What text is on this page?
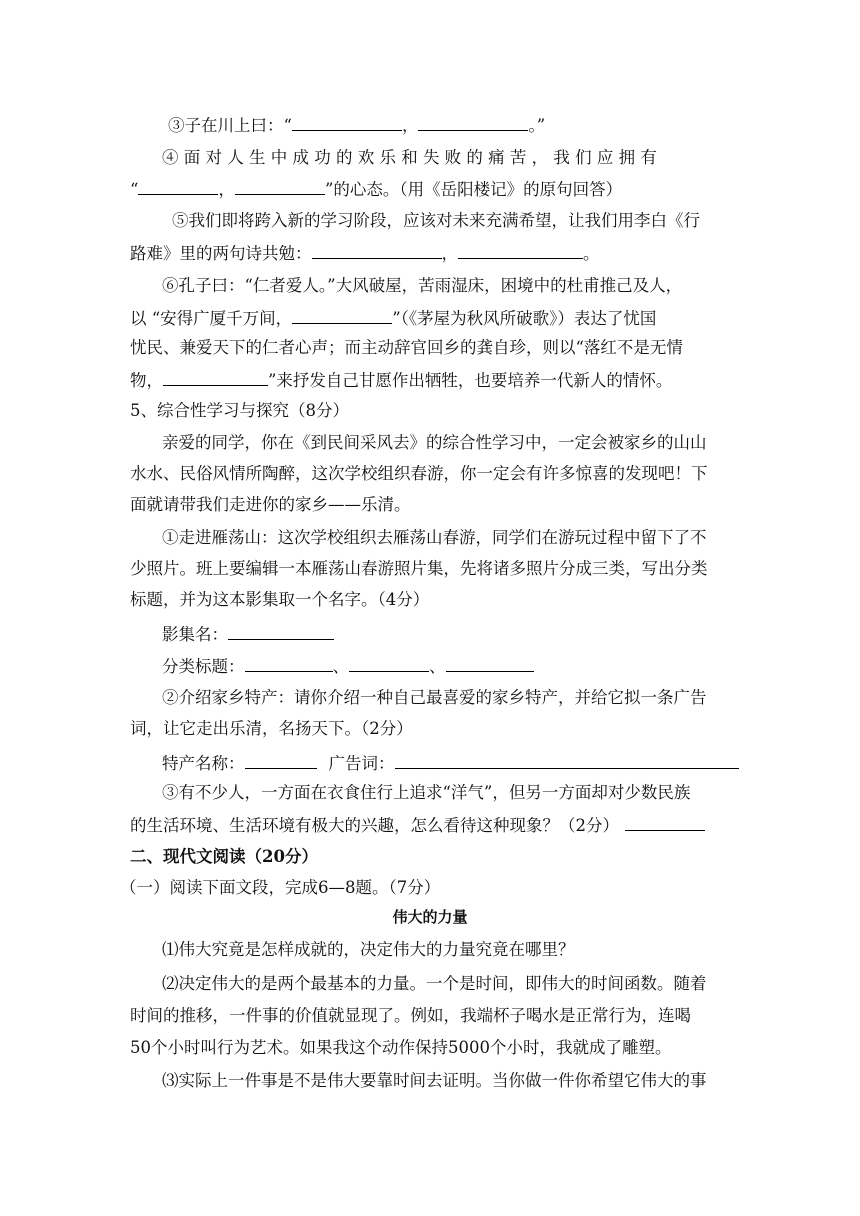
③子在川上曰：“	，	。”
④ 面 对 人 生 中 成 功 的 欢 乐 和 失 败 的 痛 苦 ， 我 们 应 拥 有
“	，	”的心态。（用《岳阳楼记》的原句回答）
⑤我们即将跨入新的学习阶段，应该对未来充满希望，让我们用李白《行
路难》里的两句诗共勉：	，	。
⑥孔子曰：“仁者爱人。”大风破屋，苦雨湿床，困境中的杜甫推己及人，
以 “安得广厦千万间，	”（《茅屋为秋风所破歌》）表达了忧国
忧民、兼爱天下的仁者心声；而主动辞官回乡的龚自珍，则以“落红不是无情
物，	”来抒发自己甘愿作出牺牲，也要培养一代新人的情怀。
5、综合性学习与探究（8分）
亲爱的同学，你在《到民间采风去》的综合性学习中，一定会被家乡的山山
水水、民俗风情所陶醉，这次学校组织春游，你一定会有许多惊喜的发现吧！下
面就请带我们走进你的家乡——乐清。
①走进雁荡山：这次学校组织去雁荡山春游，同学们在游玩过程中留下了不
少照片。班上要编辑一本雁荡山春游照片集，先将诸多照片分成三类，写出分类
标题，并为这本影集取一个名字。（4分）
影集名：
分类标题：	、	、
②介绍家乡特产：请你介绍一种自己最喜爱的家乡特产，并给它拟一条广告
词，让它走出乐清，名扬天下。（2分）
特产名称：	广告词：
③有不少人，一方面在衣食住行上追求“洋气”，但另一方面却对少数民族
的生活环境、生活环境有极大的兴趣，怎么看待这种现象？（2分）
二、现代文阅读（20分）
（一）阅读下面文段，完成6—8题。（7分）
伟大的力量
⑴伟大究竟是怎样成就的，决定伟大的力量究竟在哪里？
⑵决定伟大的是两个最基本的力量。一个是时间，即伟大的时间函数。随着
时间的推移，一件事的价值就显现了。例如，我端杯子喝水是正常行为，连喝
50个小时叫行为艺术。如果我这个动作保持5000个小时，我就成了雕塑。
⑶实际上一件事是不是伟大要靠时间去证明。当你做一件你希望它伟大的事
